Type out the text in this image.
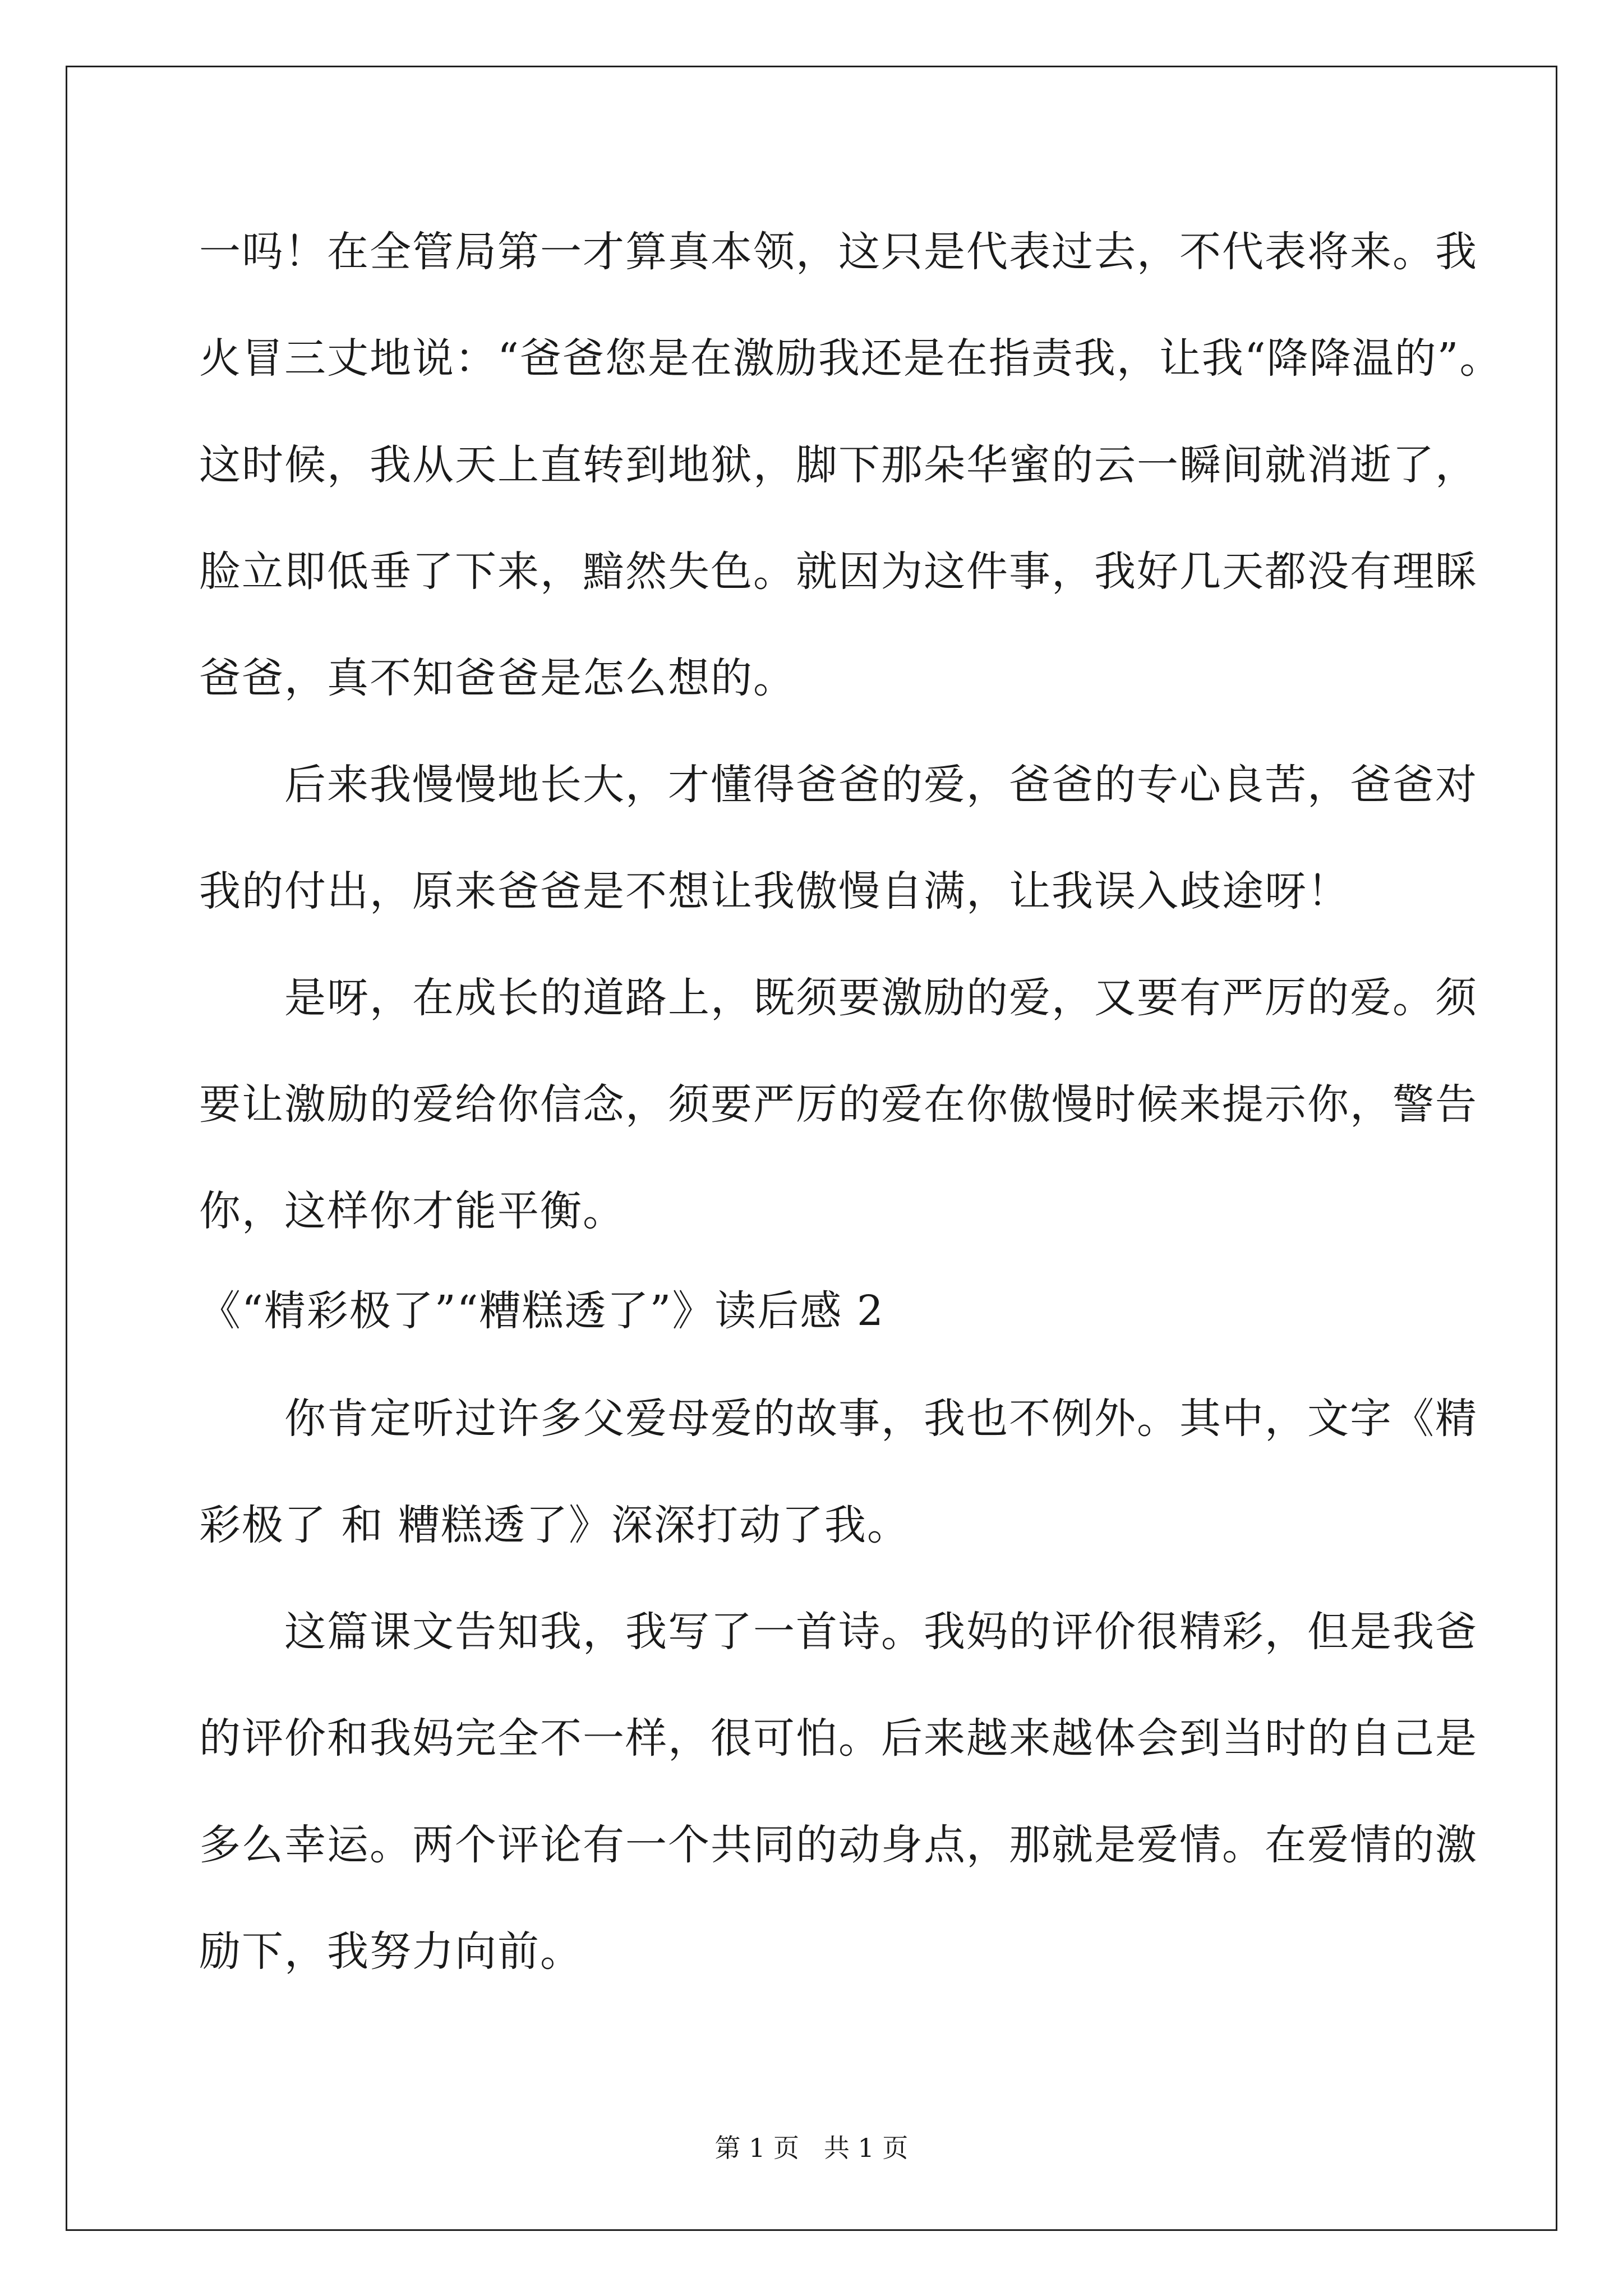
一吗！在全管局第一才算真本领，这只是代表过去，不代表将来。我
火冒三丈地说：“爸爸您是在激励我还是在指责我，让我“降降温的”。
这时候，我从天上直转到地狱，脚下那朵华蜜的云一瞬间就消逝了，
脸立即低垂了下来，黯然失色。就因为这件事，我好几天都没有理睬
爸爸，真不知爸爸是怎么想的。
　　后来我慢慢地长大，才懂得爸爸的爱，爸爸的专心良苦，爸爸对
我的付出，原来爸爸是不想让我傲慢自满，让我误入歧途呀！
　　是呀，在成长的道路上，既须要激励的爱，又要有严厉的爱。须
要让激励的爱给你信念，须要严厉的爱在你傲慢时候来提示你，警告
你，这样你才能平衡。
《“精彩极了”“糟糕透了”》读后感 2
　　你肯定听过许多父爱母爱的故事，我也不例外。其中，文字《精
彩极了 和 糟糕透了》深深打动了我。
　　这篇课文告知我，我写了一首诗。我妈的评价很精彩，但是我爸
的评价和我妈完全不一样，很可怕。后来越来越体会到当时的自己是
多么幸运。两个评论有一个共同的动身点，那就是爱情。在爱情的激
励下，我努力向前。
第 1 页   共 1 页
